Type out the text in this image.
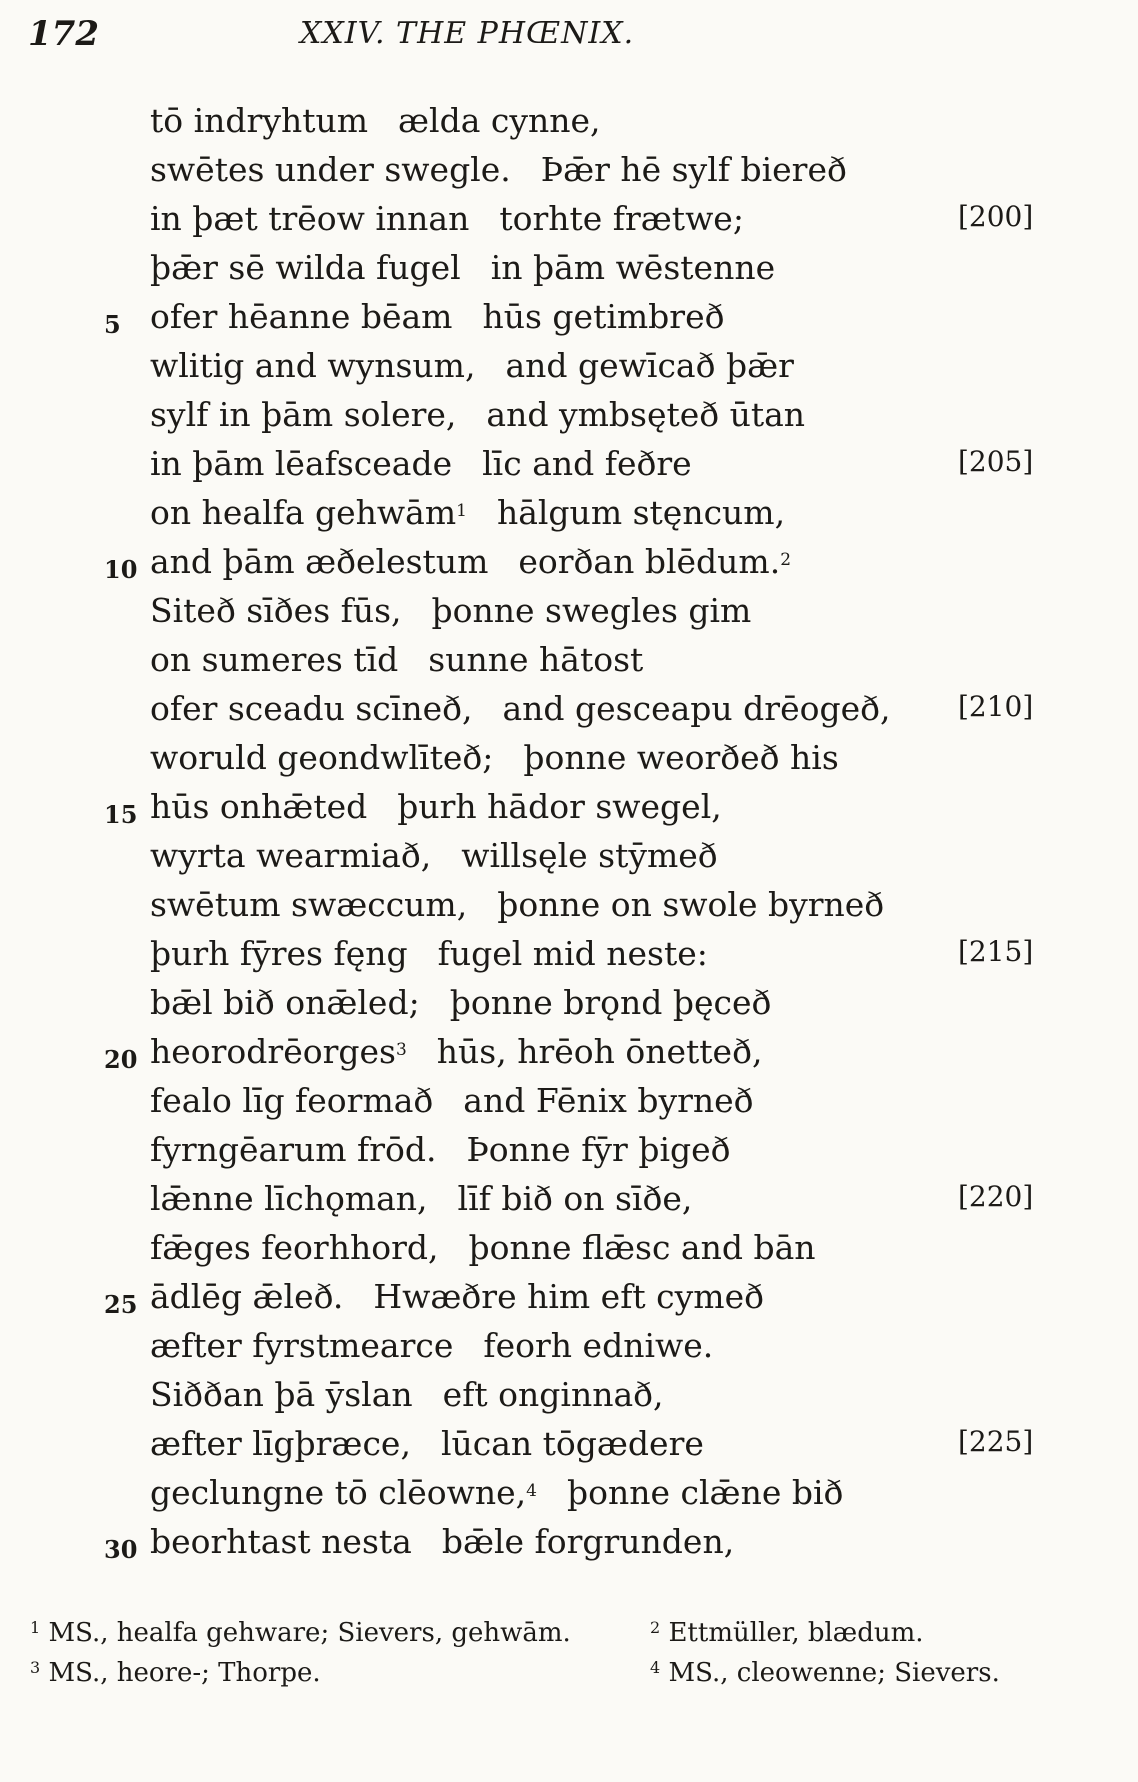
172	XXIV. THE PHŒNIX.
tō indryhtum ælda cynne,
swētes under swegle. Þǣr hē sylf biereð
in þæt trēow innan torhte frætwe;	[200]
þǣr sē wilda fugel in þām wēstenne
5 ofer hēanne bēam hūs getimbreð
wlitig and wynsum, and gewīcað þǣr
sylf in þām solere, and ymbsęteð ūtan
in þām lēafsceade līc and feðre	[205]
on healfa gehwām$^1$ hālgum stęncum,
10 and þām æðelestum eorðan blēdum.$^2$
Siteð sīðes fūs, þonne swegles gim
on sumeres tīd sunne hātost
ofer sceadu scīneð, and gesceapu drēogeð, [210]
woruld geondwlīteð; þonne weorðeð his
15 hūs onhǣted þurh hādor swegel,
wyrta wearmiað, willsęle stȳmeð
swētum swæccum, þonne on swole byrneð
þurh fȳres fęng fugel mid neste:	[215]
bǣl bið onǣled; þonne brǫnd þęceð
20 heorodrēorges$^3$ hūs, hrēoh ōnetteð,
fealo līg feormað and Fēnix byrneð
fyrngēarum frōd. Þonne fȳr þigeð
lǣnne līchǫman, līf bið on sīðe,	[220]
fǣges feorhhord, þonne flǣsc and bān
25 ādlēg ǣleð. Hwæðre him eft cymeð
æfter fyrstmearce feorh edniwe.
Siððan þā ȳslan eft onginnað,
æfter līgþræce, lūcan tōgædere	[225]
geclungne tō clēowne,$^4$ þonne clǣne bið
30 beorhtast nesta bǣle forgrunden,
$^1$ MS., healfa gehware; Sievers, gehwām.	$^2$ Ettmüller, blædum.
$^3$ MS., heore-; Thorpe.	$^4$ MS., cleowenne; Sievers.
